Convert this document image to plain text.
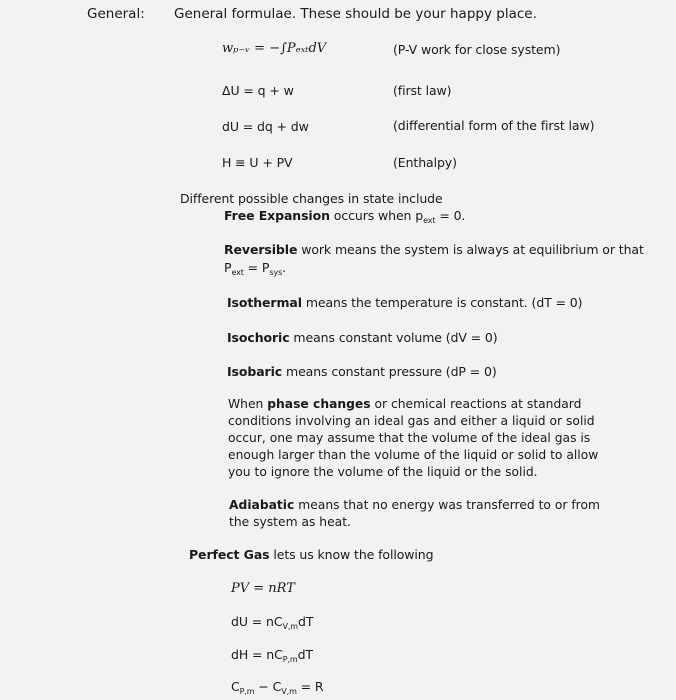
General: General formulae. These should be your happy place.
wₚ₋ᵥ = −∫PₑₓₜdV	(P-V work for close system)
ΔU = q + w	(first law)
dU = dq + dw	(differential form of the first law)
H ≡ U + PV	(Enthalpy)
Different possible changes in state include
Free Expansion occurs when $p_{ext} = 0$.
Reversible work means the system is always at equilibrium or that
$P_{ext} = P_{sys}$.
Isothermal means the temperature is constant. (dT = 0)
Isochoric means constant volume (dV = 0)
Isobaric means constant pressure (dP = 0)
When phase changes or chemical reactions at standard conditions involving an ideal gas and either a liquid or solid occur, one may assume that the volume of the ideal gas is enough larger than the volume of the liquid or solid to allow you to ignore the volume of the liquid or the solid.
Adiabatic means that no energy was transferred to or from the system as heat.
Perfect Gas lets us know the following
PV = nRT
dU = $nC_{V,m}dT$
dH = $nC_{P,m}dT$
$C_{P,m} - C_{V,m} = R$
